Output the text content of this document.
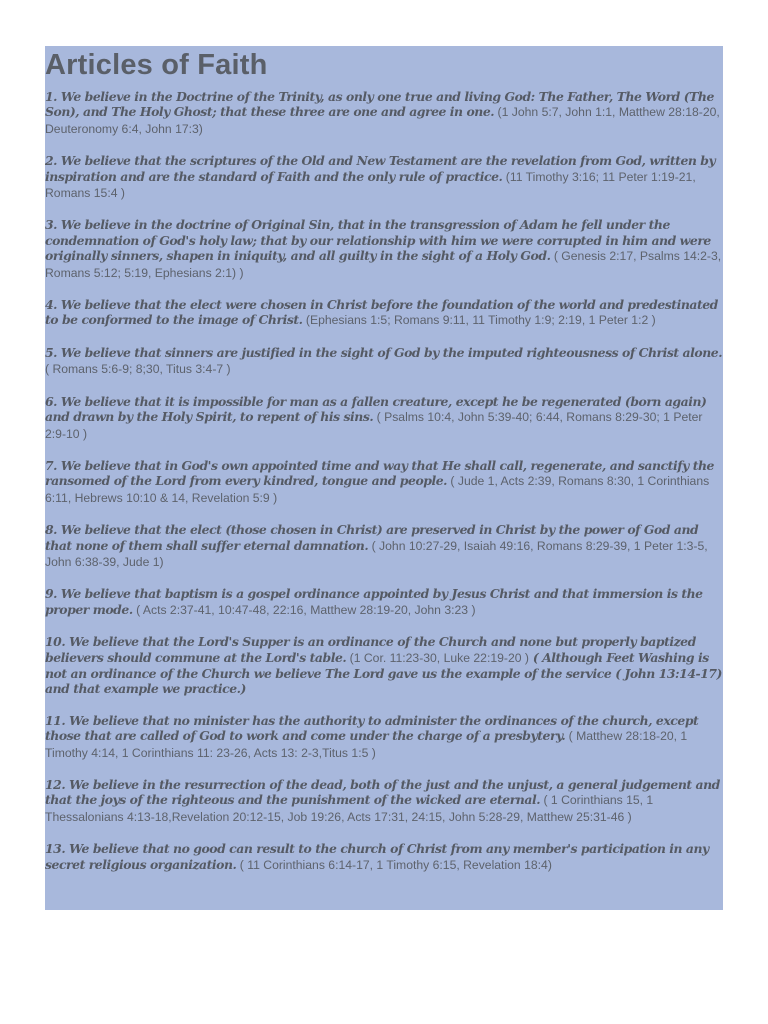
Articles of Faith

1. We believe in the Doctrine of the Trinity, as only one true and living God: The Father, The Word (The Son), and The Holy Ghost; that these three are one and agree in one. (1 John 5:7, John 1:1, Matthew 28:18-20, Deuteronomy 6:4, John 17:3)

2. We believe that the scriptures of the Old and New Testament are the revelation from God, written by inspiration and are the standard of Faith and the only rule of practice. (11 Timothy 3:16; 11 Peter 1:19-21, Romans 15:4 )

3. We believe in the doctrine of Original Sin, that in the transgression of Adam he fell under the condemnation of God's holy law; that by our relationship with him we were corrupted in him and were originally sinners, shapen in iniquity, and all guilty in the sight of a Holy God. ( Genesis 2:17, Psalms 14:2-3, Romans 5:12; 5:19, Ephesians 2:1) )

4. We believe that the elect were chosen in Christ before the foundation of the world and predestinated to be conformed to the image of Christ. (Ephesians 1:5; Romans 9:11, 11 Timothy 1:9; 2:19, 1 Peter 1:2 )

5. We believe that sinners are justified in the sight of God by the imputed righteousness of Christ alone. ( Romans 5:6-9; 8;30, Titus 3:4-7 )

6. We believe that it is impossible for man as a fallen creature, except he be regenerated (born again) and drawn by the Holy Spirit, to repent of his sins. ( Psalms 10:4, John 5:39-40; 6:44, Romans 8:29-30; 1 Peter 2:9-10 )

7. We believe that in God's own appointed time and way that He shall call, regenerate, and sanctify the ransomed of the Lord from every kindred, tongue and people. ( Jude 1, Acts 2:39, Romans 8:30, 1 Corinthians 6:11, Hebrews 10:10 & 14, Revelation 5:9 )

8. We believe that the elect (those chosen in Christ) are preserved in Christ by the power of God and that none of them shall suffer eternal damnation. ( John 10:27-29, Isaiah 49:16, Romans 8:29-39, 1 Peter 1:3-5, John 6:38-39, Jude 1)

9. We believe that baptism is a gospel ordinance appointed by Jesus Christ and that immersion is the proper mode. ( Acts 2:37-41, 10:47-48, 22:16, Matthew 28:19-20, John 3:23 )

10. We believe that the Lord's Supper is an ordinance of the Church and none but properly baptized believers should commune at the Lord's table. (1 Cor. 11:23-30, Luke 22:19-20 ) ( Although Feet Washing is not an ordinance of the Church we believe The Lord gave us the example of the service ( John 13:14-17) and that example we practice.)

11. We believe that no minister has the authority to administer the ordinances of the church, except those that are called of God to work and come under the charge of a presbytery. ( Matthew 28:18-20, 1 Timothy 4:14, 1 Corinthians 11: 23-26, Acts 13: 2-3,Titus 1:5 )

12. We believe in the resurrection of the dead, both of the just and the unjust, a general judgement and that the joys of the righteous and the punishment of the wicked are eternal. ( 1 Corinthians 15, 1 Thessalonians 4:13-18,Revelation 20:12-15, Job 19:26, Acts 17:31, 24:15, John 5:28-29, Matthew 25:31-46 )

13. We believe that no good can result to the church of Christ from any member's participation in any secret religious organization. ( 11 Corinthians 6:14-17, 1 Timothy 6:15, Revelation 18:4)
